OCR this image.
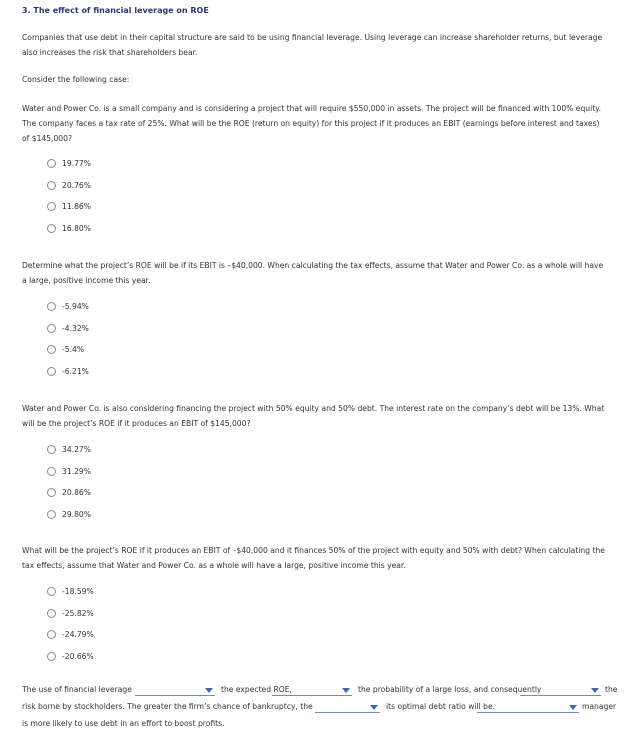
3. The effect of financial leverage on ROE
Companies that use debt in their capital structure are said to be using financial leverage. Using leverage can increase shareholder returns, but leverage also increases the risk that shareholders bear.
Consider the following case:
Water and Power Co. is a small company and is considering a project that will require $550,000 in assets. The project will be financed with 100% equity. The company faces a tax rate of 25%. What will be the ROE (return on equity) for this project if it produces an EBIT (earnings before interest and taxes) of $145,000?
19.77%
20.76%
11.86%
16.80%
Determine what the project’s ROE will be if its EBIT is –$40,000. When calculating the tax effects, assume that Water and Power Co. as a whole will have a large, positive income this year.
-5.94%
-4.32%
-5.4%
-6.21%
Water and Power Co. is also considering financing the project with 50% equity and 50% debt. The interest rate on the company’s debt will be 13%. What will be the project’s ROE if it produces an EBIT of $145,000?
34.27%
31.29%
20.86%
29.80%
What will be the project’s ROE if it produces an EBIT of –$40,000 and it finances 50% of the project with equity and 50% with debt? When calculating the tax effects, assume that Water and Power Co. as a whole will have a large, positive income this year.
-18.59%
-25.82%
-24.79%
-20.66%
The use of financial leverage	the expected ROE,	the probability of a large loss, and consequently	the
risk borne by stockholders. The greater the firm’s chance of bankruptcy, the	its optimal debt ratio will be.	manager
is more likely to use debt in an effort to boost profits.
